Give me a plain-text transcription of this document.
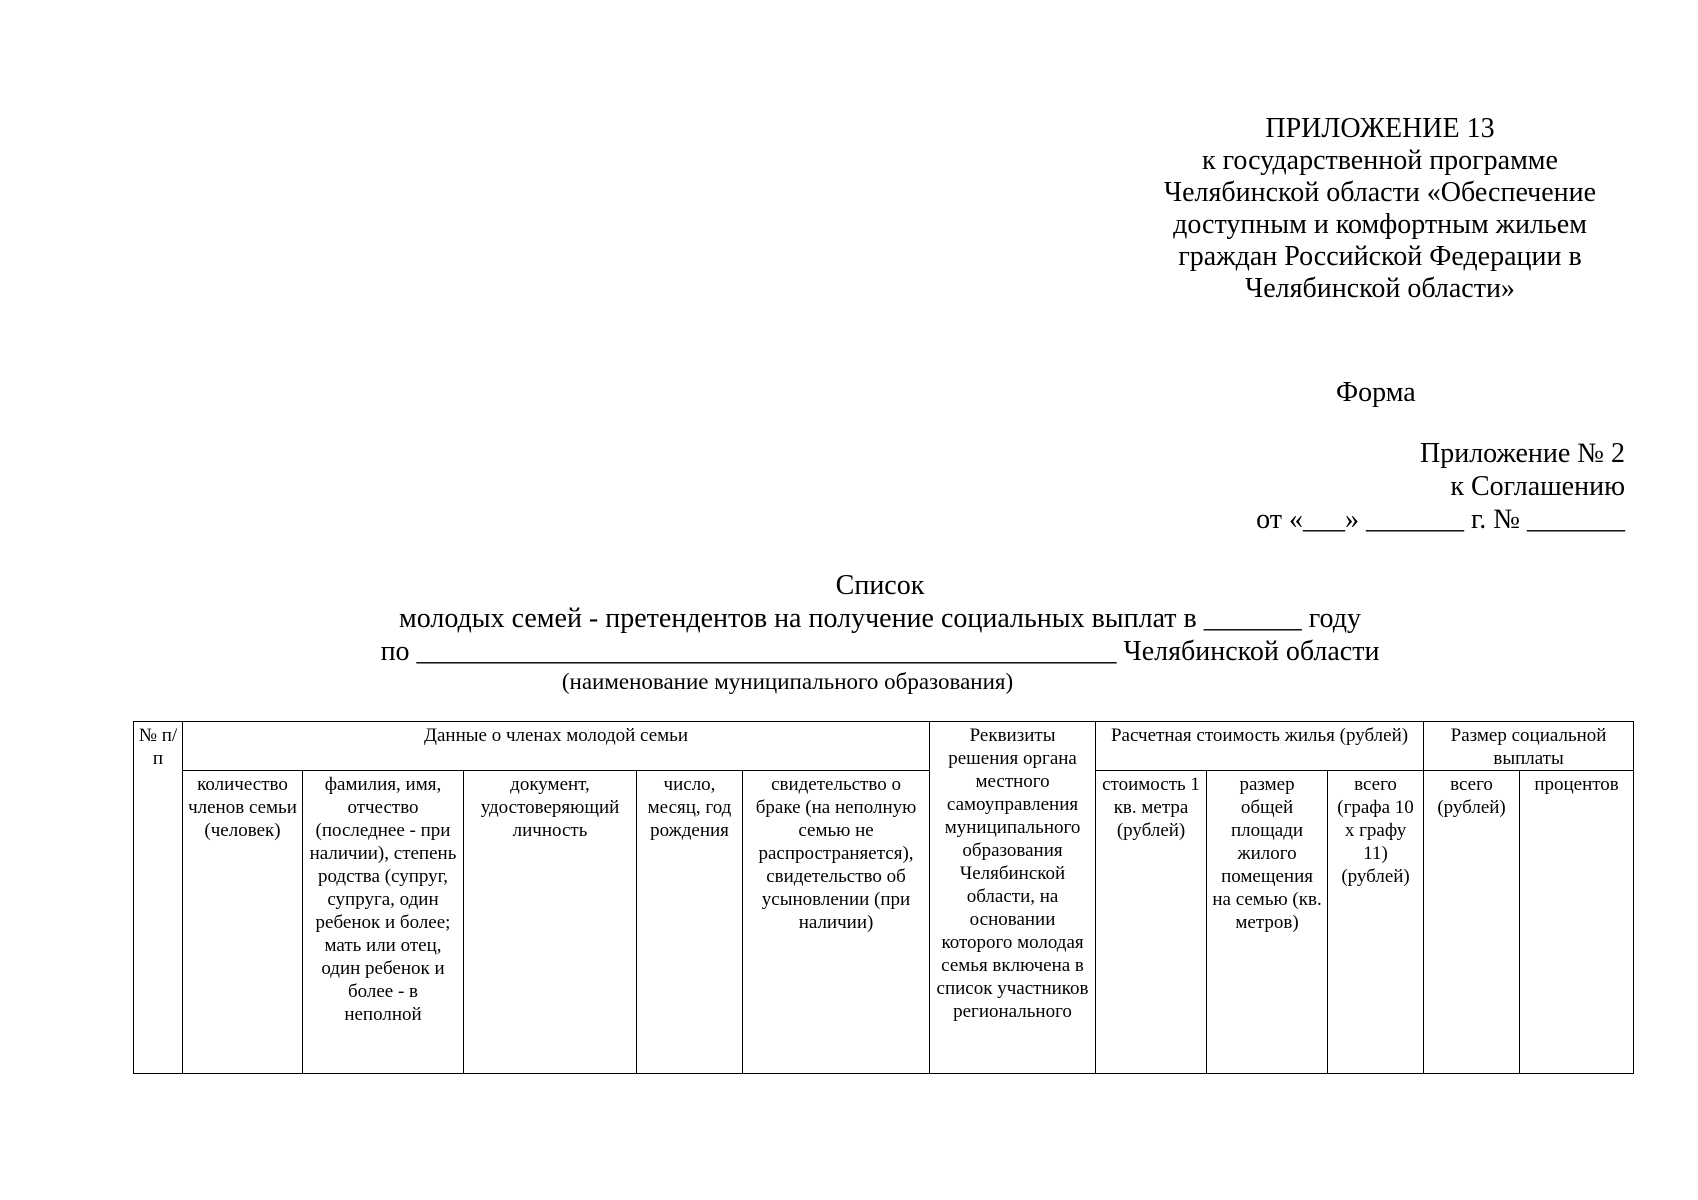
ПРИЛОЖЕНИЕ 13
к государственной программе
Челябинской области «Обеспечение
доступным и комфортным жильем
граждан Российской Федерации в
Челябинской области»
Форма
Приложение № 2
к Соглашению
от «___» _______ г. № _______
Список
молодых семей - претендентов на получение социальных выплат в _______ году
по __________________________________________________ Челябинской области
(наименование муниципального образования)
№ п/п	Данные о членах молодой семьи					Реквизиты решения органа местного самоуправления муниципального образования Челябинской области, на основании которого молодая семья включена в список участников регионального	Расчетная стоимость жилья (рублей)			Размер социальной выплаты	

	количество членов семьи (человек)	фамилия, имя, отчество (последнее - при наличии), степень родства (супруг, супруга, один ребенок и более; мать или отец, один ребенок и более - в неполной	документ, удостоверяющий личность	число, месяц, год рождения	свидетельство о браке (на неполную семью не распространяется), свидетельство об усыновлении (при наличии)		стоимость 1 кв. метра (рублей)	размер общей площади жилого помещения на семью (кв. метров)	всего (графа 10 х графу 11) (рублей)	всего (рублей)	процентов
